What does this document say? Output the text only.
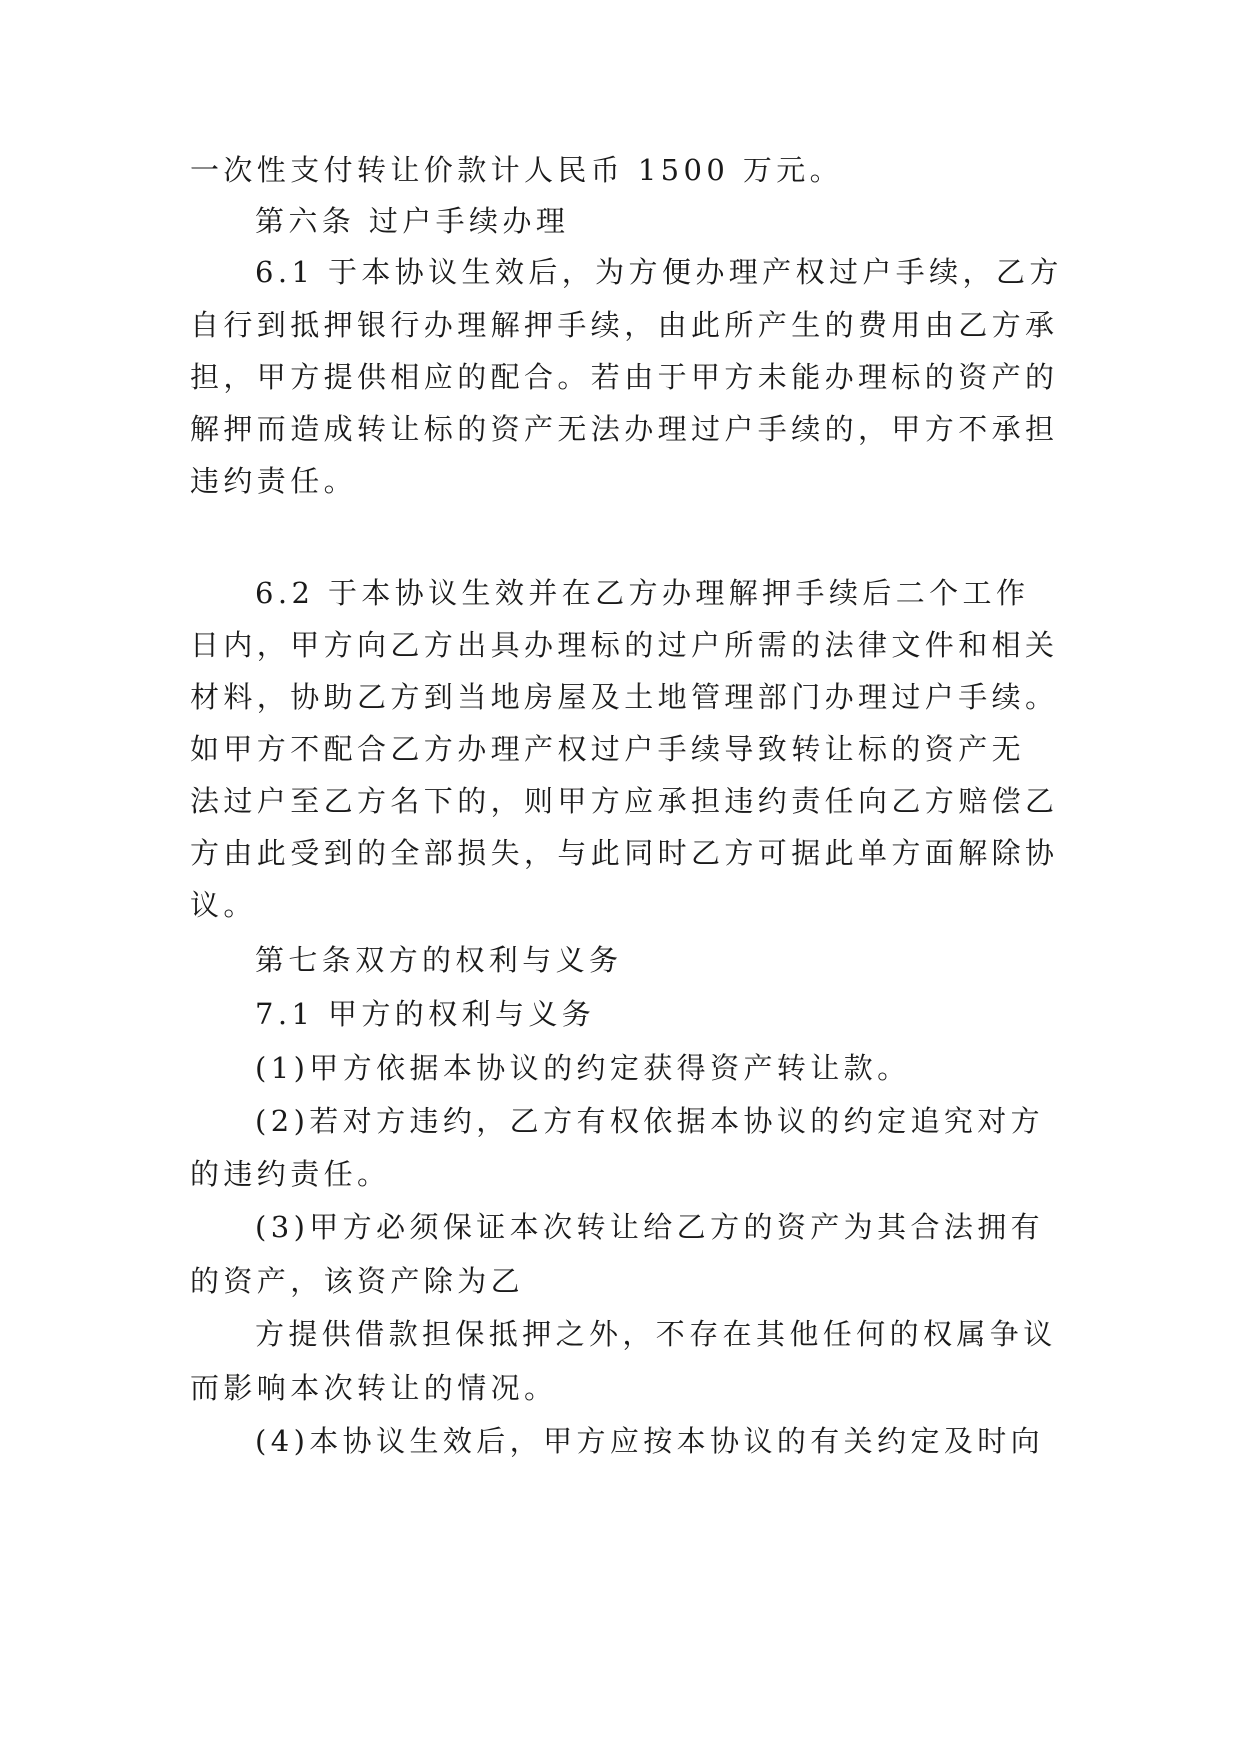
一次性支付转让价款计人民币 1500 万元。
第六条 过户手续办理
6.1 于本协议生效后，为方便办理产权过户手续，乙方
自行到抵押银行办理解押手续，由此所产生的费用由乙方承
担，甲方提供相应的配合。若由于甲方未能办理标的资产的
解押而造成转让标的资产无法办理过户手续的，甲方不承担
违约责任。
6.2 于本协议生效并在乙方办理解押手续后二个工作
日内，甲方向乙方出具办理标的过户所需的法律文件和相关
材料，协助乙方到当地房屋及土地管理部门办理过户手续。
如甲方不配合乙方办理产权过户手续导致转让标的资产无
法过户至乙方名下的，则甲方应承担违约责任向乙方赔偿乙
方由此受到的全部损失，与此同时乙方可据此单方面解除协
议。
第七条双方的权利与义务
7.1 甲方的权利与义务
(1)甲方依据本协议的约定获得资产转让款。
(2)若对方违约，乙方有权依据本协议的约定追究对方
的违约责任。
(3)甲方必须保证本次转让给乙方的资产为其合法拥有
的资产，该资产除为乙
方提供借款担保抵押之外，不存在其他任何的权属争议
而影响本次转让的情况。
(4)本协议生效后，甲方应按本协议的有关约定及时向
